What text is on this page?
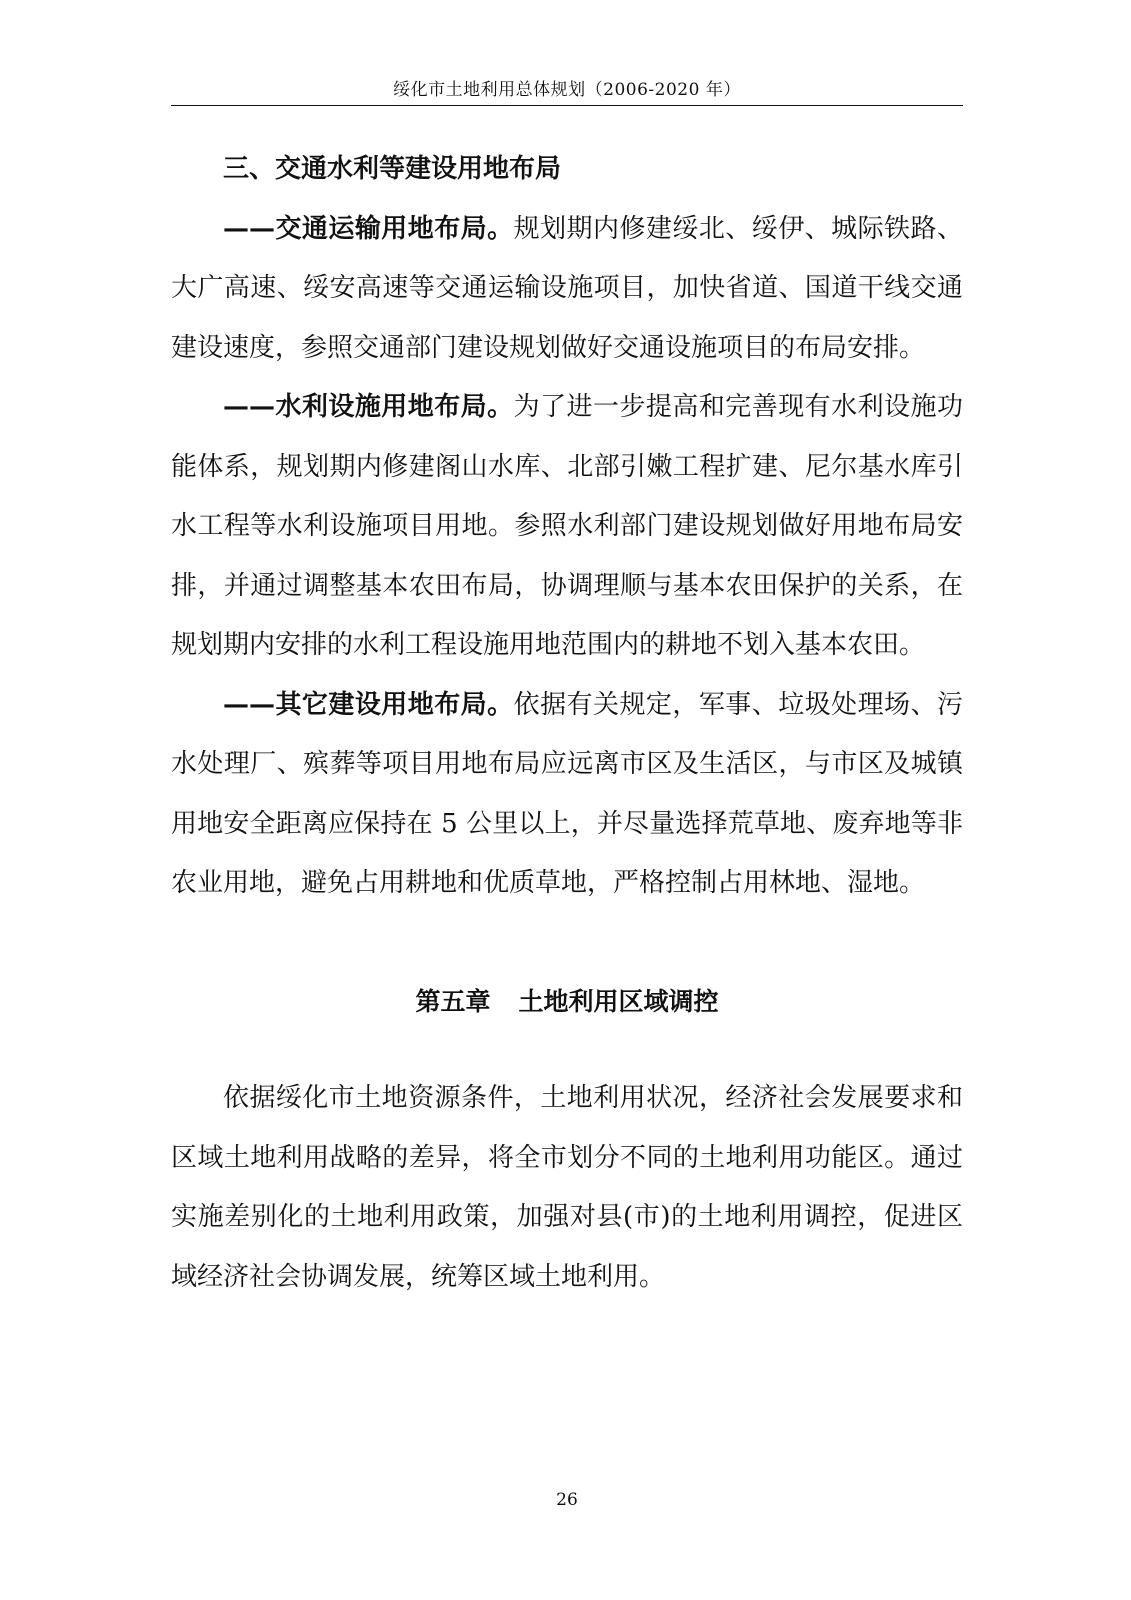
绥化市土地利用总体规划（2006-2020 年）

三、交通水利等建设用地布局

——交通运输用地布局。规划期内修建绥北、绥伊、城际铁路、大广高速、绥安高速等交通运输设施项目，加快省道、国道干线交通建设速度，参照交通部门建设规划做好交通设施项目的布局安排。

——水利设施用地布局。为了进一步提高和完善现有水利设施功能体系，规划期内修建阁山水库、北部引嫩工程扩建、尼尔基水库引水工程等水利设施项目用地。参照水利部门建设规划做好用地布局安排，并通过调整基本农田布局，协调理顺与基本农田保护的关系，在规划期内安排的水利工程设施用地范围内的耕地不划入基本农田。

——其它建设用地布局。依据有关规定，军事、垃圾处理场、污水处理厂、殡葬等项目用地布局应远离市区及生活区，与市区及城镇用地安全距离应保持在 5 公里以上，并尽量选择荒草地、废弃地等非农业用地，避免占用耕地和优质草地，严格控制占用林地、湿地。

第五章 土地利用区域调控

依据绥化市土地资源条件，土地利用状况，经济社会发展要求和区域土地利用战略的差异，将全市划分不同的土地利用功能区。通过实施差别化的土地利用政策，加强对县(市)的土地利用调控，促进区域经济社会协调发展，统筹区域土地利用。

26
